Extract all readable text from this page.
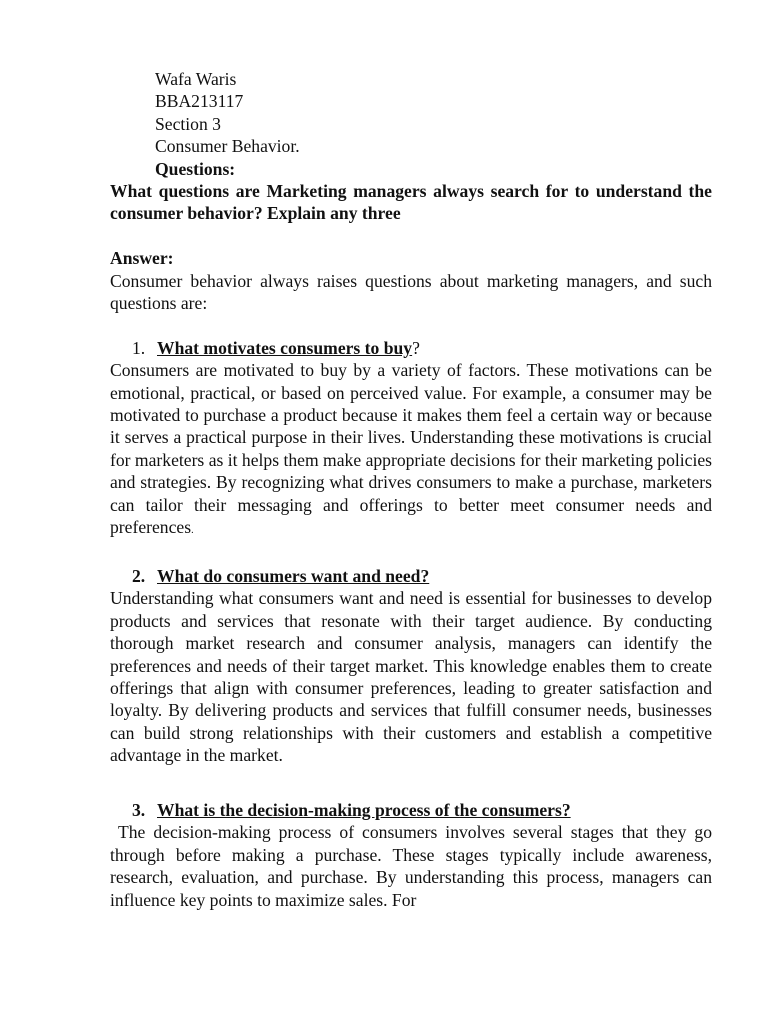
Wafa Waris

BBA213117

Section 3

Consumer Behavior.

Questions:

What questions are Marketing managers always search for to understand the consumer behavior? Explain any three

Answer:

Consumer behavior always raises questions about marketing managers, and such questions are:

1. What motivates consumers to buy?

Consumers are motivated to buy by a variety of factors. These motivations can be emotional, practical, or based on perceived value. For example, a consumer may be motivated to purchase a product because it makes them feel a certain way or because it serves a practical purpose in their lives. Understanding these motivations is crucial for marketers as it helps them make appropriate decisions for their marketing policies and strategies. By recognizing what drives consumers to make a purchase, marketers can tailor their messaging and offerings to better meet consumer needs and preferences.

2. What do consumers want and need?

Understanding what consumers want and need is essential for businesses to develop products and services that resonate with their target audience. By conducting thorough market research and consumer analysis, managers can identify the preferences and needs of their target market. This knowledge enables them to create offerings that align with consumer preferences, leading to greater satisfaction and loyalty. By delivering products and services that fulfill consumer needs, businesses can build strong relationships with their customers and establish a competitive advantage in the market.

3. What is the decision-making process of the consumers?

The decision-making process of consumers involves several stages that they go through before making a purchase. These stages typically include awareness, research, evaluation, and purchase. By understanding this process, managers can influence key points to maximize sales. For
